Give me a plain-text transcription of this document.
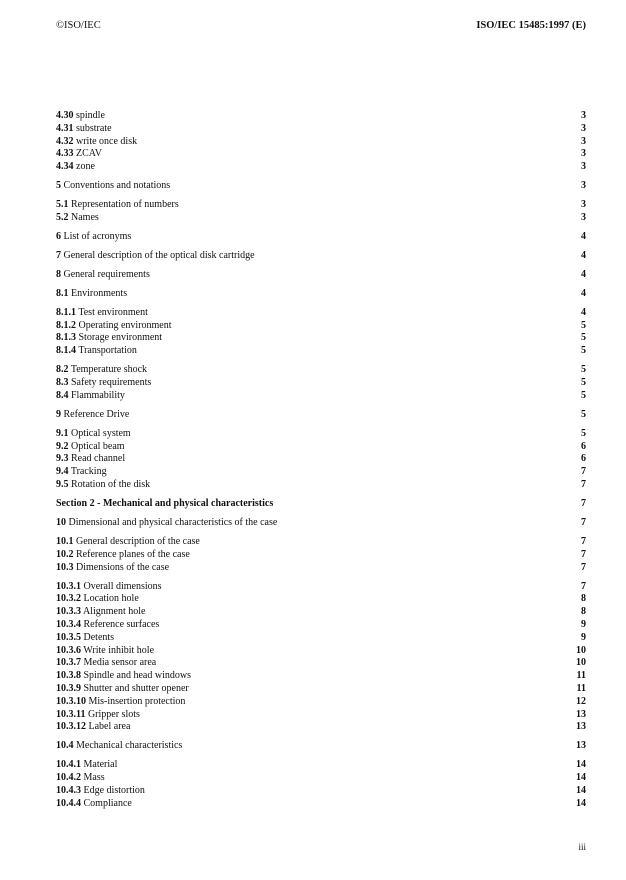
©ISO/IEC	ISO/IEC 15485:1997 (E)
4.30 spindle	3
4.31 substrate	3
4.32 write once disk	3
4.33 ZCAV	3
4.34 zone	3
5 Conventions and notations	3
5.1 Representation of numbers	3
5.2 Names	3
6 List of acronyms	4
7 General description of the optical disk cartridge	4
8 General requirements	4
8.1 Environments	4
8.1.1 Test environment	4
8.1.2 Operating environment	5
8.1.3 Storage environment	5
8.1.4 Transportation	5
8.2 Temperature shock	5
8.3 Safety requirements	5
8.4 Flammability	5
9 Reference Drive	5
9.1 Optical system	5
9.2 Optical beam	6
9.3 Read channel	6
9.4 Tracking	7
9.5 Rotation of the disk	7
Section 2 - Mechanical and physical characteristics	7
10 Dimensional and physical characteristics of the case	7
10.1 General description of the case	7
10.2 Reference planes of the case	7
10.3 Dimensions of the case	7
10.3.1 Overall dimensions	7
10.3.2 Location hole	8
10.3.3 Alignment hole	8
10.3.4 Reference surfaces	9
10.3.5 Detents	9
10.3.6 Write inhibit hole	10
10.3.7 Media sensor area	10
10.3.8 Spindle and head windows	11
10.3.9 Shutter and shutter opener	11
10.3.10 Mis-insertion protection	12
10.3.11 Gripper slots	13
10.3.12 Label area	13
10.4 Mechanical characteristics	13
10.4.1 Material	14
10.4.2 Mass	14
10.4.3 Edge distortion	14
10.4.4 Compliance	14
iii
